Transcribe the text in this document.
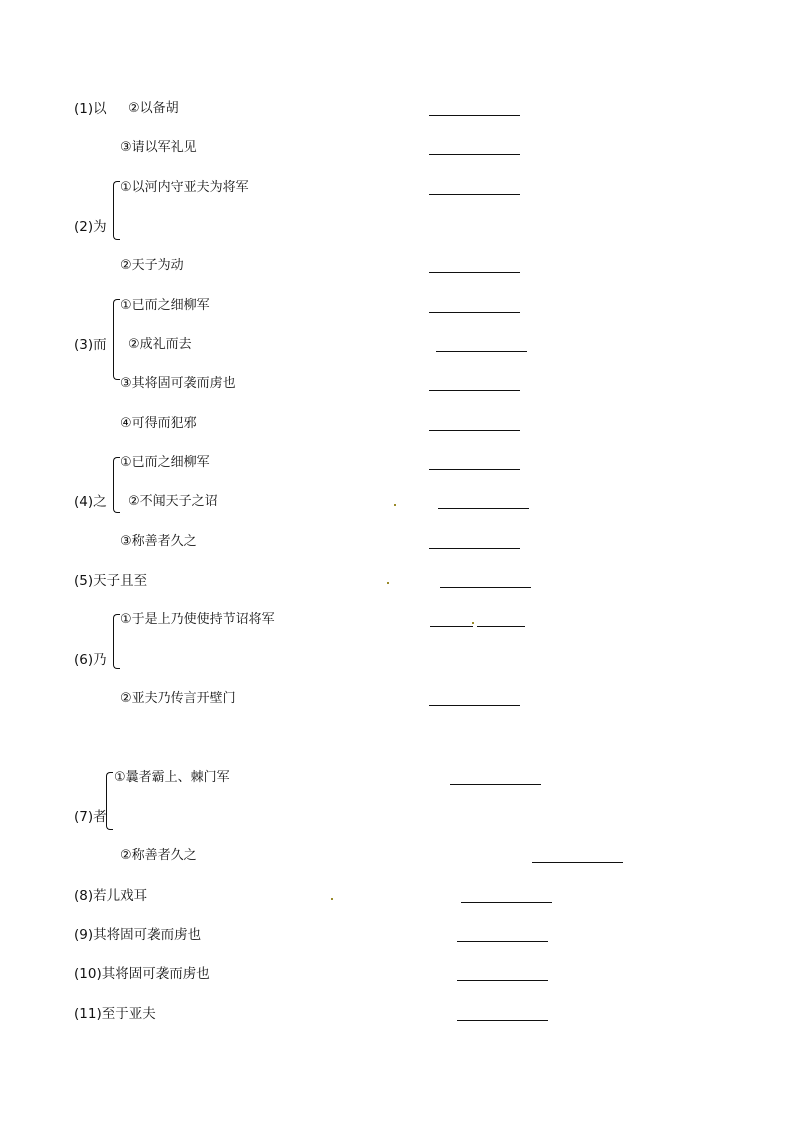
(1)以 ②以备胡
③请以军礼见
①以河内守亚夫为将军
(2)为
②天子为动
①已而之细柳军
(3)而 ②成礼而去
③其将固可袭而虏也
④可得而犯邪
①已而之细柳军
(4)之 ②不闻天子之诏
③称善者久之
(5)天子且至
①于是上乃使使持节诏将军
(6)乃
②亚夫乃传言开壁门
①曩者霸上、棘门军
(7)者
②称善者久之
(8)若儿戏耳
(9)其将固可袭而虏也
(10)其将固可袭而虏也
(11)至于亚夫
